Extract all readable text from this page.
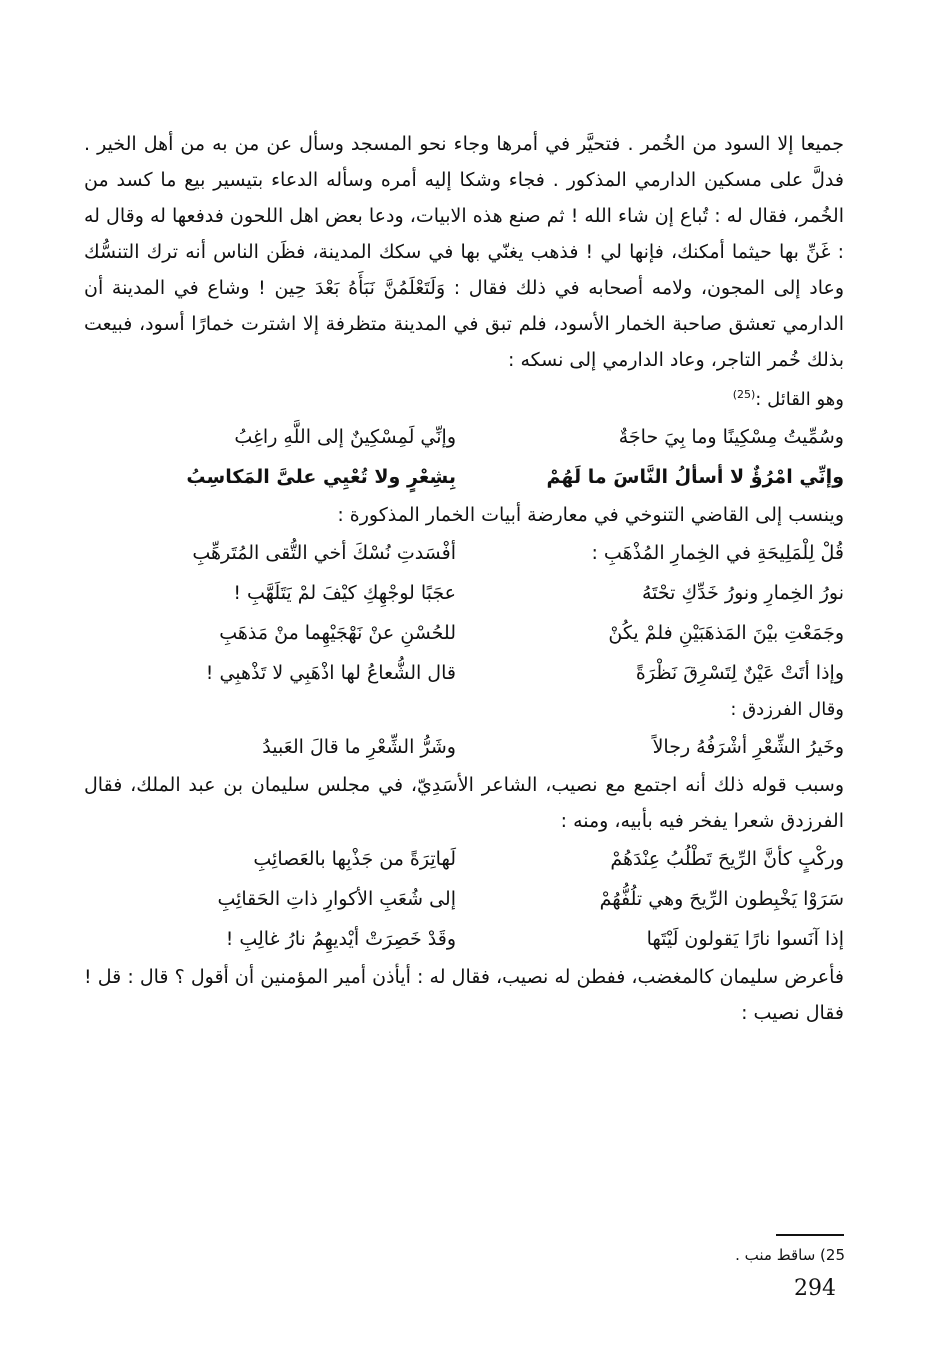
جميعا إلا السود من الخُمر . فتحيَّر في أمرها وجاء نحو المسجد وسأل عن من به من أهل الخير . فدلَّ على مسكين الدارمي المذكور . فجاء وشكا إليه أمره وسأله الدعاء بتيسير بيع ما كسد من الخُمر، فقال له : تُباع إن شاء الله ! ثم صنع هذه الابيات، ودعا بعض اهل اللحون فدفعها له وقال له : غَنِّ بها حيثما أمكنك، فإنها لي ! فذهب يغنّي بها في سكك المدينة، فظَن الناس أنه ترك التنسُّك وعاد إلى المجون، ولامه أصحابه في ذلك فقال : وَلَتَعْلَمُنَّ نَبَأَهُ بَعْدَ حِين ! وشاع في المدينة أن الدارمي تعشق صاحبة الخمار الأسود، فلم تبق في المدينة متظرفة إلا اشترت خمارًا أسود، فبيعت بذلك خُمر التاجر، وعاد الدارمي إلى نسكه :

وهو القائل :$^{(25)}$

وسُمِّيتُ مِسْكِينًا وما بِيَ حاجَةٌ
وإنِّي لَمِسْكِينٌ إلى اللَّهِ راغِبُ
وإنِّي امْرُؤٌ لا أسألُ النَّاسَ ما لَهُمْ
بِشِعْرٍ ولا تُعْيِي علىَّ المَكاسِبُ

وينسب إلى القاضي التنوخي في معارضة أبيات الخمار المذكورة :

قُلْ لِلْمَلِيحَةِ في الخِمارِ المُذْهَبِ :
أفْسَدتِ نُسْكَ أخي التُّقى المُتَرهِّبِ
نورُ الخِمارِ ونورُ خَدِّكِ تحْتَهُ
عجَبًا لوجْهِكِ كيْفَ لمْ يَتَلَهَّبِ !
وجَمَعْتِ بيْنَ المَذهَبَيْنِ فلمْ يكُنْ
للحُسْنِ عنْ نَهْجَيْهِما منْ مَذهَبِ
وإذا أتَتْ عَيْنٌ لِتَسْرِقَ نَظْرَةً
قال الشُّعاعُ لها اذْهَبِي لا تَذْهبِي !

وقال الفرزدق :

وخَيرُ الشِّعْرِ أشْرَفُهُ رجالاً
وشَرُّ الشِّعْرِ ما قالَ العَبيدُ

وسبب قوله ذلك أنه اجتمع مع نصيب، الشاعر الأسَدِيّ، في مجلس سليمان بن عبد الملك، فقال الفرزدق شعرا يفخر فيه بأبيه، ومنه :

وركْبٍ كأنَّ الرِّيحَ تَطْلُبُ عِنْدَهُمْ
لَهاتِرَةً من جَذْبِها بالعَصائِبِ
سَرَوْا يَخْبِطون الرِّيحَ وهي تلُفُّهُمْ
إلى شُعَبِ الأكوارِ ذاتِ الحَقائِبِ
إذا آنَسوا نارًا يَقولون لَيْتَها
وقَدْ خَصِرَتْ أيْديهِمُ نارُ غالِبِ !

فأعرض سليمان كالمغضب، ففطن له نصيب، فقال له : أيأذن أمير المؤمنين أن أقول ؟ قال : قل ! فقال نصيب :

25) ساقط منب .
294
